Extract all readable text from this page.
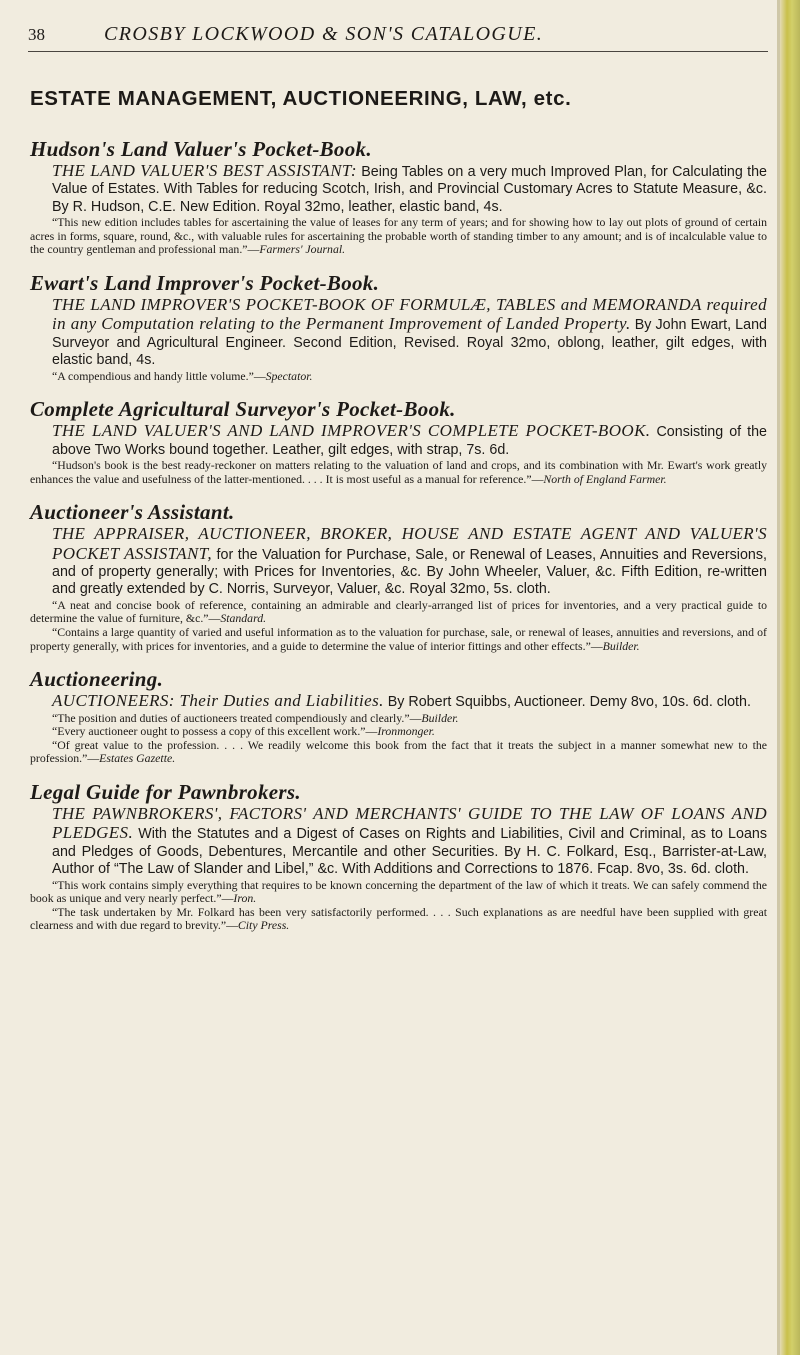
38	CROSBY LOCKWOOD & SON'S CATALOGUE.
ESTATE MANAGEMENT, AUCTIONEERING, LAW, etc.
Hudson's Land Valuer's Pocket-Book.
THE LAND VALUER'S BEST ASSISTANT: Being Tables on a very much Improved Plan, for Calculating the Value of Estates. With Tables for reducing Scotch, Irish, and Provincial Customary Acres to Statute Measure, &c. By R. Hudson, C.E. New Edition. Royal 32mo, leather, elastic band, 4s.
“This new edition includes tables for ascertaining the value of leases for any term of years; and for showing how to lay out plots of ground of certain acres in forms, square, round, &c., with valuable rules for ascertaining the probable worth of standing timber to any amount; and is of incalculable value to the country gentleman and professional man.”—Farmers' Journal.
Ewart's Land Improver's Pocket-Book.
THE LAND IMPROVER'S POCKET-BOOK OF FORMULÆ, TABLES and MEMORANDA required in any Computation relating to the Permanent Improvement of Landed Property. By John Ewart, Land Surveyor and Agricultural Engineer. Second Edition, Revised. Royal 32mo, oblong, leather, gilt edges, with elastic band, 4s.
“A compendious and handy little volume.”—Spectator.
Complete Agricultural Surveyor's Pocket-Book.
THE LAND VALUER'S AND LAND IMPROVER'S COMPLETE POCKET-BOOK. Consisting of the above Two Works bound together. Leather, gilt edges, with strap, 7s. 6d.
“Hudson's book is the best ready-reckoner on matters relating to the valuation of land and crops, and its combination with Mr. Ewart's work greatly enhances the value and usefulness of the latter-mentioned. . . . It is most useful as a manual for reference.”—North of England Farmer.
Auctioneer's Assistant.
THE APPRAISER, AUCTIONEER, BROKER, HOUSE AND ESTATE AGENT AND VALUER'S POCKET ASSISTANT, for the Valuation for Purchase, Sale, or Renewal of Leases, Annuities and Reversions, and of property generally; with Prices for Inventories, &c. By John Wheeler, Valuer, &c. Fifth Edition, re-written and greatly extended by C. Norris, Surveyor, Valuer, &c. Royal 32mo, 5s. cloth.
“A neat and concise book of reference, containing an admirable and clearly-arranged list of prices for inventories, and a very practical guide to determine the value of furniture, &c.”—Standard.
“Contains a large quantity of varied and useful information as to the valuation for purchase, sale, or renewal of leases, annuities and reversions, and of property generally, with prices for inventories, and a guide to determine the value of interior fittings and other effects.”—Builder.
Auctioneering.
AUCTIONEERS: Their Duties and Liabilities. By Robert Squibbs, Auctioneer. Demy 8vo, 10s. 6d. cloth.
“The position and duties of auctioneers treated compendiously and clearly.”—Builder.
“Every auctioneer ought to possess a copy of this excellent work.”—Ironmonger.
“Of great value to the profession. . . . We readily welcome this book from the fact that it treats the subject in a manner somewhat new to the profession.”—Estates Gazette.
Legal Guide for Pawnbrokers.
THE PAWNBROKERS', FACTORS' AND MERCHANTS' GUIDE TO THE LAW OF LOANS AND PLEDGES. With the Statutes and a Digest of Cases on Rights and Liabilities, Civil and Criminal, as to Loans and Pledges of Goods, Debentures, Mercantile and other Securities. By H. C. Folkard, Esq., Barrister-at-Law, Author of “The Law of Slander and Libel,” &c. With Additions and Corrections to 1876. Fcap. 8vo, 3s. 6d. cloth.
“This work contains simply everything that requires to be known concerning the department of the law of which it treats. We can safely commend the book as unique and very nearly perfect.”—Iron.
“The task undertaken by Mr. Folkard has been very satisfactorily performed. . . . Such explanations as are needful have been supplied with great clearness and with due regard to brevity.”—City Press.
